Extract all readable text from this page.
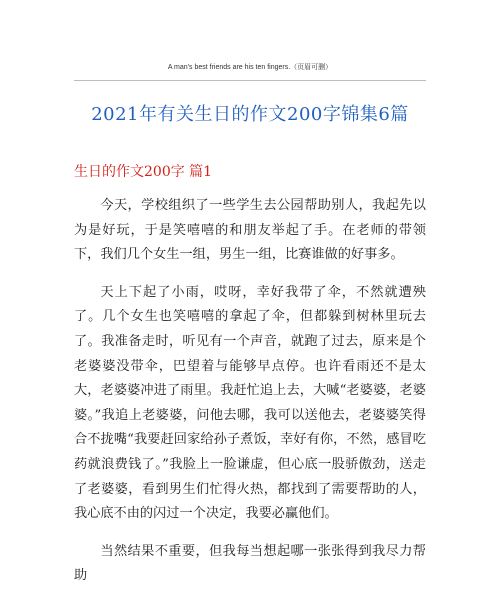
A man's best friends are his ten fingers.（页眉可删）
2021年有关生日的作文200字锦集6篇
生日的作文200字 篇1

今天，学校组织了一些学生去公园帮助别人，我起先以为是好玩，于是笑嘻嘻的和朋友举起了手。在老师的带领下，我们几个女生一组，男生一组，比赛谁做的好事多。

天上下起了小雨，哎呀，幸好我带了伞，不然就遭殃了。几个女生也笑嘻嘻的拿起了伞，但都躲到树林里玩去了。我准备走时，听见有一个声音，就跑了过去，原来是个老婆婆没带伞，巴望着与能够早点停。也许看雨还不是太大，老婆婆冲进了雨里。我赶忙追上去，大喊“老婆婆，老婆婆。”我追上老婆婆，问他去哪，我可以送他去，老婆婆笑得合不拢嘴“我要赶回家给孙子煮饭，幸好有你，不然，感冒吃药就浪费钱了。”我脸上一脸谦虚，但心底一股骄傲劲，送走了老婆婆，看到男生们忙得火热，都找到了需要帮助的人，我心底不由的闪过一个决定，我要必赢他们。

当然结果不重要，但我每当想起哪一张张得到我尽力帮助
